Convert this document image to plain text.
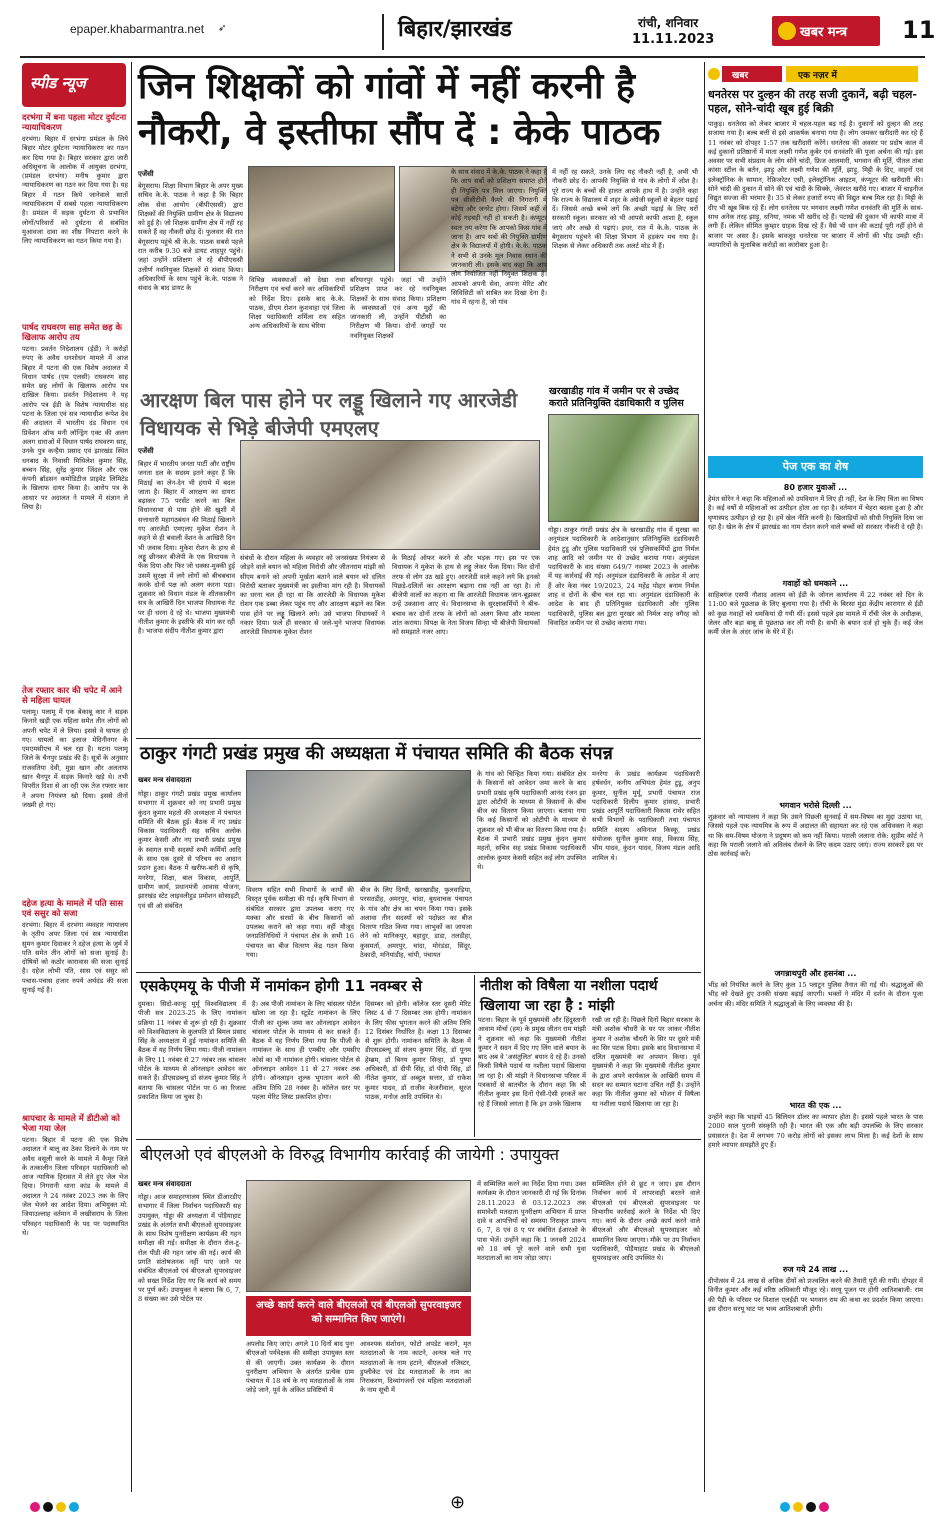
epaper.khabarmantra.net ➶	बिहार/झारखंड	रांची, शनिवार
11.11.2023	खबर मन्त्र 11
स्पीड न्यूज
दरभंगा में बना पहला मोटर दुर्घटना न्यायाधिकरण
दरभंगा। बिहार में दरभंगा प्रमंडल के लिये बिहार मोटर दुर्घटना न्यायाधिकरण का गठन कर दिया गया है। बिहार सरकार द्वारा जारी अधिसूचना के आलोक में आयुक्त दरभंगा, (प्रमंडल दरभंगा) मनीष कुमार द्वारा न्यायाधिकरण का गठन कर दिया गया है। यह बिहार में गठन किये जानेवाले सातों न्यायाधिकरण में सबसे पहला न्यायाधिकरण है। प्रमंडल में सड़क दुर्घटना से प्रभावित लोगों/परिवारों को दुर्घटना से संबंधित मुआवजा दावा का शीघ्र निपटारा करने के लिए न्यायाधिकरण का गठन किया गया है।
पार्षद राघवरण साह समेत छह के खिलाफ आरोप तय
पटना। प्रवर्तन निदेशालय (ईडी) ने करोड़ों रुपए के अवैध धनशोधन मामले में आज बिहार में पटना की एक विशेष अदालत में विधान पार्षद (एम एलसी) राघवरण साह समेत छह लोगों के खिलाफ आरोप पत्र दाखिल किया। प्रवर्तन निदेशालय ने यह आरोप पत्र ईडी के विशेष न्यायाधीश सह पटना के जिला एवं सत्र न्यायाधीश रूपेश देव की अदालत में भारतीय दंड विधान एवं प्रिवेंशन ऑफ मनी लॉन्ड्रिंग एक्ट की अलग अलग धाराओं में विधान पार्षद राघवरण साह, उनके पुत्र कन्हैया प्रसाद एवं झारखंड स्थित धनबाद के निवासी मिथिलेश कुमार सिंह, बच्चन सिंह, सुरेंद्र कुमार जिंदल और एक कंपनी ब्रॉडसन कमोडिटीज प्राइवेट लिमिटेड के खिलाफ दायर किया है। आरोप पत्र के आधार पर अदालत ने मामले में संज्ञान ले लिया है।
तेज रफ्तार कार की चपेट में आने से महिला घायल
पलामू। पलामू में एक बेकाबू कार ने सड़क किनारे खड़ी एक महिला समेत तीन लोगों को अपनी चपेट में ले लिया। इससे वे घायल हो गए। घायलों का इलाज मेदिनीनगर के एमएमसीएच में चल रहा है। घटना पलामू जिले के चैनपुर प्रखंड की है। सूत्रों के अनुसार राजवतिया देवी, मुन्ना खान और अलताफ खान चैनपुर में सड़क किनारे खड़े थे। तभी विपरीत दिशा से आ रही एक तेज रफ्तार कार ने अपना नियंत्रण खो दिया। इससे तीनों जख्मी हो गए।
दहेज हत्या के मामले में पति सास एवं ससुर को सजा
दरभंगा। बिहार में दरभंगा व्यवहार न्यायालय के तृतीय अपर जिला एवं सत्र न्यायाधीश सुमन कुमार दिवाकर ने दहेज हत्या के जुर्म में पति समेत तीन लोगों को सजा सुनाई है। दोषियों को कठोर कारावास की सजा सुनाई है। दहेज लोभी पति, सास एवं ससुर को पचास-पचास हजार रुपये अर्थदंड की सजा सुनाई गई है।
श्रापचार के मामले में डीटीओ को भेजा गया जेल
पटना। बिहार में पटना की एक विशेष अदालत ने बालू का ठेका दिलाने के नाम पर अवैध वसूली करने के मामले में कैमूर जिले के तत्कालीन जिला परिवहन पदाधिकारी को आज न्यायिक हिरासत में लेते हुए जेल भेज दिया। निगरानी थाना कांड के मामले में अदालत ने 24 नवंबर 2023 तक के लिए जेल भेजने का आदेश दिया। अभियुक्त मो. जियाउल्लाह वर्तमान में लखीसराय के जिला परिवहन पदाधिकारी के पद पर पदस्थापित थे।
जिन शिक्षकों को गांवों में नहीं करनी है नौकरी, वे इस्तीफा सौंप दें : केके पाठक
एजेंसी
बेगूसराय। शिक्षा विभाग बिहार के अपर मुख्य सचिव के.के. पाठक ने कहा है कि बिहार लोक सेवा आयोग (बीपीएससी) द्वारा शिक्षकों की नियुक्ति ग्रामीण क्षेत्र के विद्यालय को हुई है। जो शिक्षक ग्रामीण क्षेत्र में नहीं रह सकते हैं वह नौकरी छोड़ दें। फुलवार की रात बेगूसराय पहुंचे श्री के.के. पाठक सबसे पहले रात करीब 9.30 बजे डायट शाहपुर पहुंचे। जहां उन्होंने प्रशिक्षण ले रहे बीपीएससी उत्तीर्ण नवनियुक्त शिक्षकों से संवाद किया। अधिकारियों के साथ पहुंचे के.के. पाठक ने संवाद के बाद डायट के
विभिन्न व्यवस्थाओं को देखा तथा निरीक्षण एवं चर्चा करने कर अधिकारियों को निर्देश दिए। इसके बाद के.के. पाठक, डीएम रोशन कुशवाहा एवं जिला शिक्षा पदाधिकारी शर्मिला राय सहित अन्य अधिकारियों के साथ चेरिया
बरियारपुर पहुंचे। जहां भी उन्होंने प्रशिक्षण प्राप्त कर रहे नवनियुक्त शिक्षकों के साथ संवाद किया। प्रशिक्षण के व्यवस्थाओं एवं अन्य मुद्दों की जानकारी ली, उन्होंने पीटीसी का निरीक्षण भी किया। दोनों जगहों पर नवनियुक्त शिक्षकों
के साथ संवाद में के.के. पाठक ने कहा है कि आप सबों को प्रशिक्षण समाप्त होते ही नियुक्ति पत्र मिल जाएगा। नियुक्ति पत्र सीसीटीवी कैमरे की निगरानी में बंटेगा और जनरेट होगा। जिसमें कहीं से कोई गड़बड़ी नहीं हो सकती है। कंप्यूटर स्वतः तय करेगा कि आपको किस गांव में जाना है। आप सबों की नियुक्ति ग्रामीण क्षेत्र के विद्यालयों में होगी। के.के. पाठक ने सभी से उनके मूल निवास स्थान की जानकारी ली। इसके बाद कहा कि आप लोग नियोजित नहीं नियुक्त शिक्षक हैं। आपको अपनी सेवा, अपना मेरिट और सिविसिटी को साबित कर दिखा देना है। गांव में रहना है, जो गांव
में नहीं रह सकते, उनके लिए यह नौकरी नहीं है, अभी भी नौकरी छोड़ दें। आपकी नियुक्ति से गांव के लोगों में जोश है। पूरे राज्य के बच्चों की हालत आपके हाथ में है। उन्होंने कहा कि राज्य के विद्यालय में शहर के अंग्रेजी स्कूलों से बेहतर पढ़ाई दें। जिससे अच्छे बच्चे लगें कि अच्छी पढ़ाई के लिए घरों सरकारी स्कूल। सरकार को भी आपसे काफी आशा है, स्कूल जाएं और अच्छे से पढ़ाएं। इधर, रात में के.के. पाठक के बेगूसराय पहुंचने की शिक्षा विभाग में हड़कंप मच गया है। शिक्षक से लेकर अधिकारी तक अलर्ट मोड में हैं।
आरक्षण बिल पास होने पर लड्डू खिलाने गए आरजेडी विधायक से भिड़े बीजेपी एमएलए
एजेंसी
बिहार में भारतीय जनता पार्टी और राष्ट्रीय जनता दल के सदस्य इतने कट्टर हैं कि मिठाई का लेन-देन भी हंगामे में बदल जाता है। बिहार में आरक्षण का दायरा बढ़ाकर 75 परसेंट करने का बिल विधानसभा से पास होने की खुशी में सत्ताधारी महागठबंधन की मिठाई खिलाने गए आरजेडी एमएलए मुकेश रोशन ने कहने से ही बवाली वेंशन के आखिरी दिन भी जवाब दिया। मुकेश रोशन के हाथ से लड्डू छीनकर बीजेपी के एक विधायक ने फेंक दिया और फिर जो धक्का-मुक्की हुई उसमें सुरक्षा में लगे लोगों को बीचबचाव करके दोनों पक्ष को अलग करना पड़ा। शुक्रवार को विधान मंडल के शीतकालीन सत्र के आखिरी दिन भाजपा विधायक गेट पर ही धरना दे रहे थे। भाजपा मुख्यमंत्री नीतीश कुमार के इस्तीफे की मांग कर रही है। भाजपा संदीप नीतीश कुमार द्वारा
संबंधों के दौरान महिला के व्यवहार को जनसंख्या नियंत्रण से जोड़ने वाले बयान को महिला विरोधी और जीतनराम मांझी को सीएम बनाने को अपनी मूर्खता बताने वाले बयान को दलित विरोधी बताकर मुख्यमंत्री का इस्तीफा मांग रही है। विधायकों का धरना चल ही रहा था कि आरजेडी के विधायक मुकेश रोशन एक डब्बा लेकर पहुंच गए और आरक्षण बढ़ाने का बिल पास होने पर लड्डू खिलाने लगे। उसे भाजपा विधायकों ने नकार दिया। फ़ले ही सरकार से जले-भुने भाजपा विधायक आरजेडी विधायक मुकेश रोशन
के मिठाई ऑफर करने से और भड़क गए। इस पर एक विधायक ने मुकेश के हाथ से लड्डू लेकर फेंक दिया। फिर दोनों तरफ से लोग उठ खड़े हुए। आरजेडी वाले कहने लगे कि इनको पिछड़े-दलितों का आरक्षण बढ़ाना रास नहीं आ रहा है। तो बीजेपी वालों का कहना था कि आरजेडी विधायक जान-बूझकर उन्हें उकसाना आए थे। विधानसभा के सुरक्षाकर्मियों ने बीच-बचाव कर दोनों तरफ के लोगों को अलग किया और मामला शांत कराया। विपक्ष के नेता विजय सिन्हा भी बीजेपी विधायकों को समझाते नजर आए।
खरखाडीह गांव में जमीन पर से उच्छेद कराते प्रतिनियुक्ति दंडाधिकारी व पुलिस
गोड्डा। ठाकुर गंगटी प्रखंड क्षेत्र के खरखाडीह गांव में मुरखा का अनुमंडल पदाधिकारी के आदेशानुसार प्रतिनियुक्ति दंडाधिकारी हेमंत टुडू और पुलिस पदाधिकारी एवं पुलिसकर्मियों द्वारा निर्मल शाह आदि को जमीन पर से उच्छेद कराया गया। अनुमंडल पदाधिकारी के वाद संख्या 649/7 नवम्बर 2023 के आलोक में यह कार्रवाई की गई। अनुमंडल दंडाधिकारी के आदेश में आए हैं ओर केस नंबर 19/2023, 24 महेंद्र पोद्दार बनाम निर्मल शाह व दोनों के बीच चल रहा था। अनुमंडल दंडाधिकारी के आदेश के बाद ही प्रतिनियुक्त दंडाधिकारी और पुलिस पदाधिकारी, पुलिस बल द्वारा मुरखर को निर्मल शाह वगैरह को विवादित जमीन पर से उच्छेद कराया गया।
ठाकुर गंगटी प्रखंड प्रमुख की अध्यक्षता में पंचायत समिति की बैठक संपन्न
खबर मन्त्र संवाददाता
गोड्डा। ठाकुर गंगटी प्रखंड प्रमुख कार्यालय सभागार में शुक्रवार को नए प्रभारी प्रमुख कुंदन कुमार महतो की अध्यक्षता में पंचायत समिति की बैठक हुई। बैठक में नए प्रखंड विकास पदाधिकारी सह सचिव अलोक कुमार केसरी और नए प्रभारी प्रखंड प्रमुख के स्वागत सभी सदस्यों सभी कर्मियों आदि के साथ एक दूसरे से परिचय का आदान प्रदान हुआ। बैठक में खरीफ-बारी से कृषि, मनरेगा, शिक्षा, बाल विकास, आपूर्ति, ग्रामीण कार्य, प्रधानमंत्री आवास योजना, झारखंड स्टेट लाइवलीहुड प्रमोशन सोसाइटी, एवं सी ओ संबंधित
विवरण सहित सभी विभागों के कार्यों की विस्तृत पूर्वक समीक्षा की गई। कृषि विभाग से संबंधित सरकार द्वारा उपलब्ध कराए गए मक्का और सरसों के बीच किसानों को उपलब्ध कराने को कहा गया। वहीं मौजूद जनप्रतिनिधियों ने पंचायत क्षेत्र के सभी 16 पंचायत का बीज वितरण केंद्र गठन किया गया।
बीज के लिए दिग्घी, खरखाडीह, फुलवाड़िया, परसतडीह, अमरपुर, चांदा, बुधवाचक पंचायत के गांव और क्षेत्र का चयन किया गया। इसके अलावा तीन सदस्यों को पदोन्नत का बीज वितरण गठित किया गया। लाभुकों का जायजा लेने को मानिकपुर, बहादुर, डाडा, तलडीहा, कुसमर्ता, अमरपुर, चांदा, मोरंडंडा, सिंदूर, ठेकादी, मनियांडीह, चांपी, पंचायत
के गांव को चिन्हित किया गया। संबंधित क्षेत्र के किसानों को आवेदन जमा करने के बाद प्रभारी प्रखंड कृषि पदाधिकारी आनंद रंजन झा द्वारा ओटीपी के माध्यम से किसानों के बीच बीज का वितरण किया जाएगा। बताया गया कि कई किसानों को ओटीपी के माध्यम से शुक्रवार को भी बीज का वितरण किया गया है। बैठक में प्रभारी प्रखंड प्रमुख कुंदन कुमार महतो, सचिव सह प्रखंड विकास पदाधिकारी आलोक कुमार केसरी सहित कई लोग उपस्थित थे।
मनरेगा के प्रखंड कार्यक्रम पदाधिकारी हर्षवर्धन, कनीय अभियंता हेमंत टुडू, अनुप कुमार, सुनील मुर्मू, प्रभारी पंचायत राज पदाधिकारी दिलीप कुमार हांसदा, प्रभारी प्रखंड आपूर्ति पदाधिकारी विकास राथेर सहित सभी विभागों के पदाधिकारी तथा पंचायत समिति सदस्य अविनाश किस्कू, प्रखंड संयोजक सुनील कुमार साह, विकास सिंह, भीम यादव, कुंदन यादव, विजय मंडल आदि शामिल थे।
एसकेएमयू के पीजी में नामांकन होगी 11 नवम्बर से
दुमका। सिदो-कान्हू मुर्मू विश्वविद्यालय में पीजी सत्र 2023-25 के लिए नामांकन प्रक्रिया 11 नवंबर से शुरू हो रही है। शुक्रवार को विश्वविद्यालय के कुलपति डॉ बिमल प्रसाद सिंह के अध्यक्षता में हुई नामांकन समिति की बैठक में यह निर्णय लिया गया। पीजी नामांकन के लिए 11 नवंबर से 27 नवंबर तक चांसलर पोर्टल के माध्यम से ऑनलाइन आवेदन कर सकते हैं। डीएसडब्ल्यू डॉ संजय कुमार सिंह ने बताया कि चांसलर पोर्टल पर 6 का रिजल्ट प्रकाशित किया जा चुका है।
है। अब पीजी नामांकन के लिए चांसलर पोर्टल खोला जा रहा है। स्टूडेंट नामांकन के लिए पीजी का शुल्क जमा कर ऑनलाइन आवेदन चांसलर पोर्टल के माध्यम से कर सकते हैं। बैठक में यह निर्णय लिया गया कि पीजी के नामांकन के साथ ही एमबीए और एमसीए कोर्स का भी नामांकन होगी। चांसलर पोर्टल से ऑनलाइन आवेदन 11 से 27 नवंबर तक होगी। ऑनलाइन शुल्क भुगतान करने की अंतिम तिथि 28 नवंबर है। कॉलेज स्तर पर पहला मेरिट लिस्ट प्रकाशित होगा।
दिसम्बर को होगी। कॉलेज स्तर दूसरी मेरिट लिस्ट 4 से 7 दिसम्बर तक होगी। नामांकन के लिए फीस भुगतान करने की अंतिम तिथि 12 दिसंबर निर्धारित है। कक्षा 13 दिसम्बर से शुरू होगी। नामांकन समिति के बैठक में डीएसडब्ल्यू डॉ संजय कुमार सिंह, डॉ पूनम हेम्ब्रम, डॉ बिनय कुमार सिन्हा, डॉ पुष्पा अधिकारी, डॉ दीपी सिंह, डॉ पीपी सिंह, डॉ नीतेश कुमार, डॉ अब्दुल सत्तार, डॉ राकेश कुमार यादव, डॉ राजीव केजरीवाल, सूरज पाठक, मनोज आदि उपस्थित थे।
नीतीश को विषैला या नशीला पदार्थ खिलाया जा रहा है : मांझी
पटना। बिहार के पूर्व मुख्यमंत्री और हिंदुस्तानी आवाम मोर्चा (हम) के प्रमुख जीतन राम मांझी ने शुक्रवार को कहा कि मुख्यमंत्री नीतीश कुमार ने सदन में दिए गए लिंग वाले बयान के बाद अब वे 'असंतुलित' बयान दे रहे हैं। उनको किसी विषैले पदार्थ या नशीला पदार्थ खिलाया जा रहा है। श्री मांझी ने विधानसभा परिसर में पत्रकारों से बातचीत के दौरान कहा कि श्री नीतीश कुमार इस दिनों ऐसी-ऐसी हरकतें कर रहे हैं जिससे लगता है कि इन उनके खिलाफ
रखी जा रही है। पिछले दिनों बिहार सरकार के मंत्री अशोक चौधरी के घर पर जाकर नीतीश कुमार ने अशोक चौधरी के सिर पर दूसरे मंत्री का सिर पटक दिया। इसके बाद विधानसभा में दलित मुख्यमंत्री का अपमान किया। पूर्व मुख्यमंत्री ने कहा कि मुख्यमंत्री नीतीश कुमार के द्वारा अपने कार्यकाल के आखिरी समय में सदन का सम्मान घटाना उचित नहीं है। उन्होंने कहा कि नीतीश कुमार को भोजन में विषैला या नशीला पदार्थ खिलाया जा रहा है।
बीएलओ एवं बीएलओ के विरुद्ध विभागीय कार्रवाई की जायेगी : उपायुक्त
खबर मन्त्र संवाददाता
गोड्डा। आज समाहरणालय स्थित डीआरडीए सभागार में जिला निर्वाचन पदाधिकारी सह उपायुक्त, गोड्डा की अध्यक्षता में पोड़ैयाहाट प्रखंड के अंतर्गत सभी बीएलओ सुपरवाइजर के साथ विशेष पुनरीक्षण कार्यक्रम की गहन समीक्षा की गई। समीक्षा के दौरान रोल-टू-रोल पीडी की गहन जांच की गई। कार्य की प्रगति संतोषजनक नहीं पाए जाने पर संबंधित बीएलओ एवं बीएलओ सुपरवाइजर को सख्त निर्देश दिए गए कि कार्य को समय पर पूर्ण करें। उपायुक्त ने बताया कि 6, 7, 8 संख्या कर उसे पोर्टल पर
अच्छे कार्य करने वाले बीएलओ एवं बीएलओ सुपरवाइजर को सम्मानित किए जाएंगे।
अपलोड किए जाएं। अगले 10 दिनों बाद पुनः बीएलओ पर्यवेक्षक की समीक्षा उपायुक्त स्तर से की जाएगी। उक्त कार्यक्रम के दौरान पुनरीक्षण अभियान के अंतर्गत प्रत्येक ग्राम पंचायत में 18 वर्ष के नए मतदाताओं के नाम जोड़े जाने, पूर्व के अंकित प्रविष्टियों में
आवश्यक संशोधन, फोटो अपडेट कराने, मृत मतदाताओं के नाम काटने, अन्यत्र चले गए मतदाताओं के नाम हटाने, बीएलओ रजिस्टर, डुप्लीकेट एवं डेड मतदाताओं के नाम का निराकरण, दिव्यांगजनों एवं महिला मतदाताओं के नाम सूची में
में सम्मिलित करने का निर्देश दिया गया। उक्त कार्यक्रम के दौरान जानकारी दी गई कि दिनांक 28.11.2023 से 03.12.2023 तक समावेशी मतदाता पुनरीक्षण अभियान में प्राप्त दावे व आपत्तियों को समस्या निराकृत प्रारूप 6, 7, 8 एवं 8 ए पर संबंधित ईआरओ के पास भेजें। उन्होंने कहा कि 1 जनवरी 2024 को 18 वर्ष पूरे करने वाले सभी युवा मतदाताओं का नाम जोड़ा जाए।
सम्मिलित होने से छूट न जाए। इस दौरान निर्वाचन कार्य में लापरवाही बरतने वाले बीएलओ एवं बीएलओ सुपरवाइजर पर विभागीय कार्रवाई करने के निर्देश भी दिए गए। कार्य के दौरान अच्छे कार्य करने वाले बीएलओ और बीएलओ सुपरवाइजर को सम्मानित किया जाएगा। मौके पर उप निर्वाचन पदाधिकारी, पोड़ैयाहाट प्रखंड के बीएलओ सुपरवाइजर आदि उपस्थित थे।
खबर	एक नज़र में
धनतेरस पर दुल्हन की तरह सजी दुकानें, बढ़ी चहल-पहल, सोने-चांदी खूब हुई बिक्री
पाकुड़। धनतेरस को लेकर बाजार में चहल-पहल बढ़ गई है। दुकानों को दुल्हन की तरह सजाया गया है। बल्ब बत्ती से इसे आकर्षक बनाया गया है। लोग जमकर खरीदारी कर रहे हैं 11 नवंबर को दोपहर 1:57 तक खरीदारी करेंगे। धनतेरस की अवसर पर प्रदोष काल में कई दुकानों प्रतिष्ठानों में माता लक्ष्मी गणेश कुबेर एवं धनवंतरि की पूजा अर्चना की गई। इस अवसर पर सभी संप्रदाय के लोग सोने चांदी, फ्रिज आलमारी, भगवान की मूर्ति, पीतल तांबा कांसा स्टील के बर्तन, झाड़ू ओर लक्ष्मी गणेश की मूर्ति, झाड़ू, मिट्टी के दिए, वाहनों एवं इलेक्ट्रॉनिक के सामान, रेफ्रिजरेटर एसी, इलेक्ट्रॉनिक आइटम, कंप्यूटर की खरीदारी की। सोने चांदी की दुकान में सोने की एवं चांदी के सिक्के, जेवरात खरीदे गए। बाजार में चाइनीज विद्युत सज्जा की भरमार है। 35 से लेकर हजारों रुपए की विद्युत बल्ब मिल रहा है। मिट्टी के दीए भी खूब बिक रहे हैं। लोग धनतेरस पर भगवान लक्ष्मी गणेश धनवंतरि की मूर्ति के साथ-साथ अनेक तरह झाड़ू, धनिया, नमक भी खरीद रहे हैं। पटाखे की दुकान भी काफी मात्रा में लगी हैं। लेकिन सीमित कुम्हार ग्राहक दिख रहे हैं। वैसे भी धान की कटाई पूरी नहीं होने से बाजार पर असर है। इसके बावजूद धनतेरस पर बाजार में लोगों की भीड़ उमड़ी रही। व्यापारियों के मुताबिक करोड़ों का कारोबार हुआ है।
पेज एक का शेष
80 हजार युवाओं ...
हेमंत सोरेन ने कहा कि महिलाओं को उपविधान में लिए ही नहीं, देश के लिए चिंता का विषय है। कई वर्षों से महिलाओं का उत्पीड़न होता आ रहा है। वर्तमान में चेहरा बदला हुआ है और घृणास्पद उत्पीड़न हो रहा है। हमें खेल नीति करनी है। खिलाड़ियों को सीधी नियुक्ति दिया जा रहा है। खेल के क्षेत्र में झारखंड का नाम रोशन करने वाले बच्चों को सरकार नौकरी दे रही है।
गवाहों को धमकाने ...
साहिबगंज एसपी नौशाद आलम को ईडी के जोनल कार्यालय में 22 नवंबर को दिन के 11:00 बजे पूछताछ के लिए बुलाया गया है। राँची के बिरसा मुंडा केंद्रीय कारागार से ईडी को कुछ गवाहों को धमकियां दी गयी थीं। इससे पहले इस मामले में राँची जेल के अधीक्षक, जेलर और बड़ा बाबू से पूछताछ कर ली गयी है। सभी के बयान दर्ज हो चुके हैं। कई जेल कर्मी जेल के अंदर जांच के घेरे में हैं।
भगवान भरोसे दिल्ली ...
शुक्रवार को न्यायालय ने कहा कि उसने पिछली सुनवाई में सम-विषम का मुद्दा उठाया था, जिससे पहले एक न्यायमित्र के रूप में अदालत की सहायता कर रहे एक अधिवक्ता ने कहा था कि सम-विषम योजना ने प्रदूषण को कम नहीं किया। पराली जलाना रोके: सुप्रीम कोर्ट ने कहा कि पराली जलाने को अविलंब रोकने के लिए कदम उठाए जाएं। राज्य सरकारें इस पर ठोस कार्रवाई करें।
जगन्नाथपुरी और हसनंबा ...
भीड़ को नियंत्रित करने के लिए कुल 15 प्लाटून पुलिस तैनात की गई थी। श्रद्धालुओं की भीड़ को देखते हुए उनकी संख्या बढ़ाई जाएगी। भक्तों ने मंदिर में दर्शन के दौरान पूजा अर्चना की। मंदिर समिति ने श्रद्धालुओं के लिए व्यवस्था की है।
भारत की एक ...
उन्होंने कहा कि भाइयों 45 बिलियन डॉलर का व्यापार होता है। इससे पहले भारत के पास 2000 साल पुरानी संस्कृति रही है। भारत की एक और बड़ी उपलब्धि के लिए सरकार प्रयासरत है। देश में लगभग 70 करोड़ लोगों को इसका लाभ मिला है। कई देशों के साथ हमारे व्यापार समझौते हुए हैं।
रुज गये 24 लाख ...
दीपोत्सव में 24 लाख से अधिक दीयों को प्रज्वलित करने की तैयारी पूरी की गयी। दोपहर में विनीत कुमार और कई वरिष्ठ अधिकारी मौजूद रहे। सरयू पूजन पर होगी आतिशबाजी: राम की पैड़ी के परिसर पर विशाल एलईडी पर भगवान राम की कथा का प्रदर्शन किया जाएगा। इस दौरान सरयू घाट पर भव्य आतिशबाजी होगी।
⊕
